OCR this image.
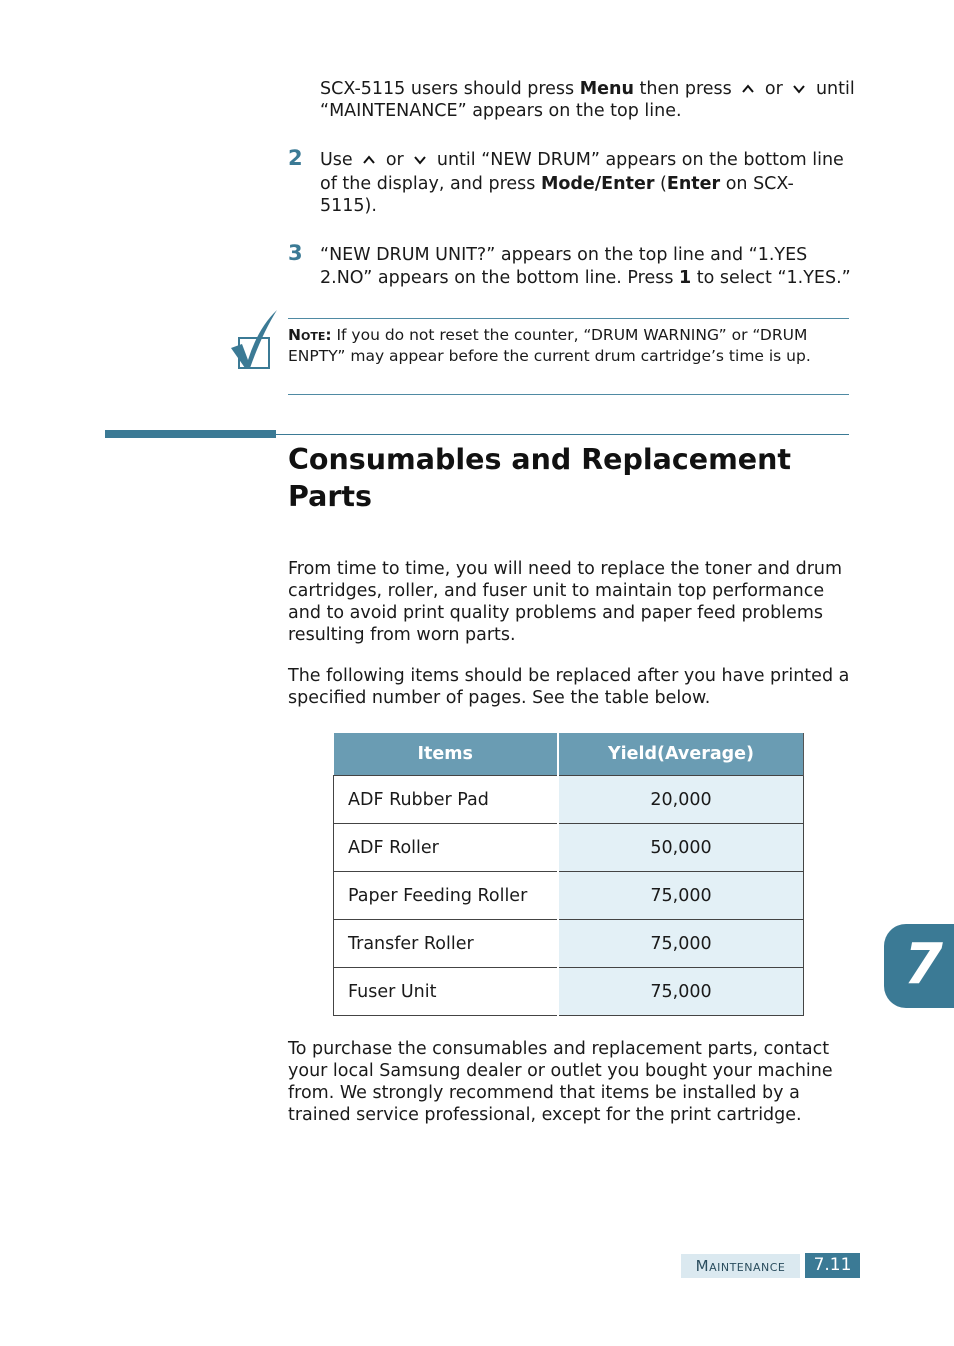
SCX-5115 users should press Menu then press
or
until
“MAINTENANCE” appears on the top line.
2 Use
or
until “NEW DRUM” appears on the bottom line
of the display, and press Mode/Enter (Enter on SCX-
5115).
3 “NEW DRUM UNIT?” appears on the top line and “1.YES
2.NO” appears on the bottom line. Press 1 to select “1.YES.”
Note: If you do not reset the counter, “DRUM WARNING” or “DRUM ENPTY” may appear before the current drum cartridge’s time is up.
Consumables and Replacement
Parts
From time to time, you will need to replace the toner and drum cartridges, roller, and fuser unit to maintain top performance and to avoid print quality problems and paper feed problems resulting from worn parts.
The following items should be replaced after you have printed a specified number of pages. See the table below.
Items	Yield(Average)
ADF Rubber Pad	20,000
ADF Roller	50,000
Paper Feeding Roller	75,000
Transfer Roller	75,000
Fuser Unit	75,000
To purchase the consumables and replacement parts, contact your local Samsung dealer or outlet you bought your machine from. We strongly recommend that items be installed by a trained service professional, except for the print cartridge.
7
Maintenance	7.11
